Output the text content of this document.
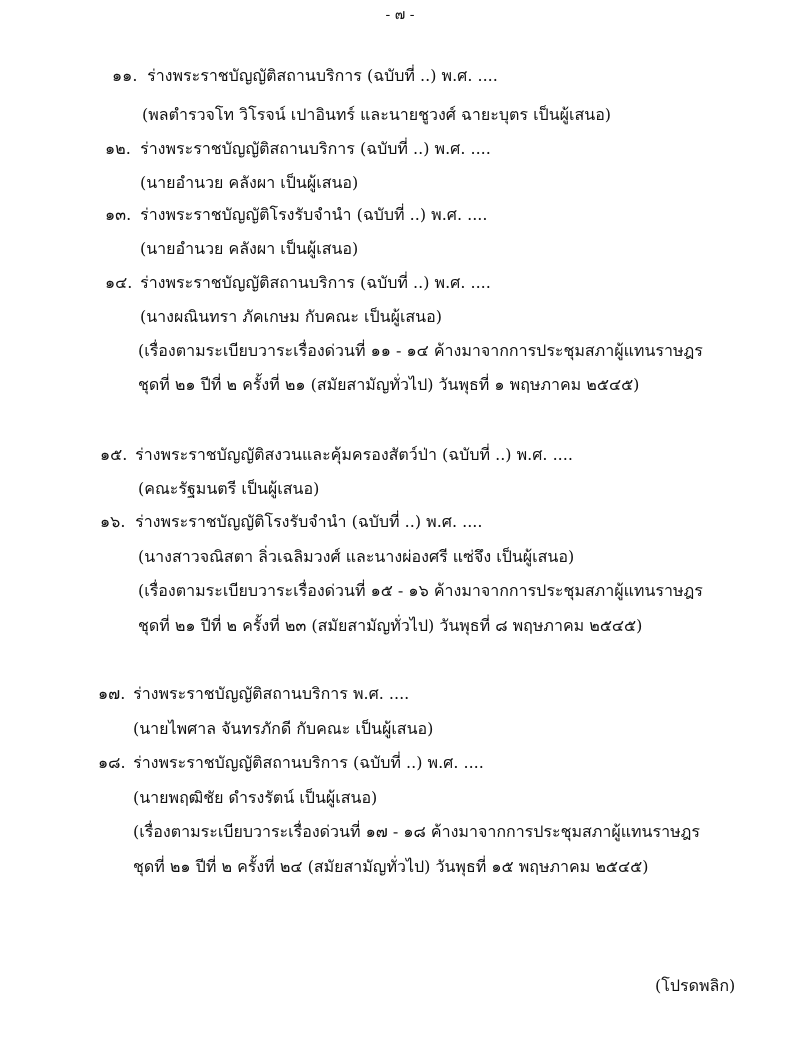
- ๗ -
๑๑. ร่างพระราชบัญญัติสถานบริการ (ฉบับที่ ..) พ.ศ. ....
(พลตำรวจโท วิโรจน์ เปาอินทร์ และนายชูวงศ์ ฉายะบุตร เป็นผู้เสนอ)
๑๒. ร่างพระราชบัญญัติสถานบริการ (ฉบับที่ ..) พ.ศ. ....
(นายอำนวย คลังผา เป็นผู้เสนอ)
๑๓. ร่างพระราชบัญญัติโรงรับจำนำ (ฉบับที่ ..) พ.ศ. ....
(นายอำนวย คลังผา เป็นผู้เสนอ)
๑๔. ร่างพระราชบัญญัติสถานบริการ (ฉบับที่ ..) พ.ศ. ....
(นางผณินทรา ภัคเกษม กับคณะ เป็นผู้เสนอ)
(เรื่องตามระเบียบวาระเรื่องด่วนที่ ๑๑ - ๑๔ ค้างมาจากการประชุมสภาผู้แทนราษฎร
ชุดที่ ๒๑ ปีที่ ๒ ครั้งที่ ๒๑ (สมัยสามัญทั่วไป) วันพุธที่ ๑ พฤษภาคม ๒๕๔๕)
๑๕. ร่างพระราชบัญญัติสงวนและคุ้มครองสัตว์ป่า (ฉบับที่ ..) พ.ศ. ....
(คณะรัฐมนตรี เป็นผู้เสนอ)
๑๖. ร่างพระราชบัญญัติโรงรับจำนำ (ฉบับที่ ..) พ.ศ. ....
(นางสาวจณิสตา ลิ่วเฉลิมวงศ์ และนางผ่องศรี แซ่จึง เป็นผู้เสนอ)
(เรื่องตามระเบียบวาระเรื่องด่วนที่ ๑๕ - ๑๖ ค้างมาจากการประชุมสภาผู้แทนราษฎร
ชุดที่ ๒๑ ปีที่ ๒ ครั้งที่ ๒๓ (สมัยสามัญทั่วไป) วันพุธที่ ๘ พฤษภาคม ๒๕๔๕)
๑๗. ร่างพระราชบัญญัติสถานบริการ พ.ศ. ....
(นายไพศาล จันทรภักดี กับคณะ เป็นผู้เสนอ)
๑๘. ร่างพระราชบัญญัติสถานบริการ (ฉบับที่ ..) พ.ศ. ....
(นายพฤฒิชัย ดำรงรัตน์ เป็นผู้เสนอ)
(เรื่องตามระเบียบวาระเรื่องด่วนที่ ๑๗ - ๑๘ ค้างมาจากการประชุมสภาผู้แทนราษฎร
ชุดที่ ๒๑ ปีที่ ๒ ครั้งที่ ๒๔ (สมัยสามัญทั่วไป) วันพุธที่ ๑๕ พฤษภาคม ๒๕๔๕)
(โปรดพลิก)
